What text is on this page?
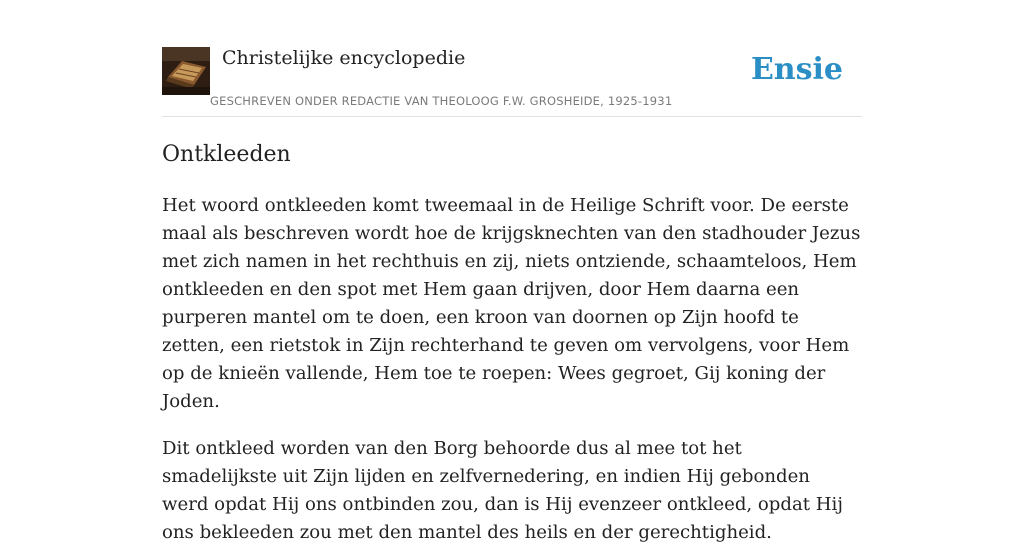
Christelijke encyclopedie
GESCHREVEN ONDER REDACTIE VAN THEOLOOG F.W. GROSHEIDE, 1925-1931
Ensie
Ontkleeden

Het woord ontkleeden komt tweemaal in de Heilige Schrift voor. De eerste maal als beschreven wordt hoe de krijgsknechten van den stadhouder Jezus met zich namen in het rechthuis en zij, niets ontziende, schaamteloos, Hem ontkleeden en den spot met Hem gaan drijven, door Hem daarna een purperen mantel om te doen, een kroon van doornen op Zijn hoofd te zetten, een rietstok in Zijn rechterhand te geven om vervolgens, voor Hem op de knieën vallende, Hem toe te roepen: Wees gegroet, Gij koning der Joden.

Dit ontkleed worden van den Borg behoorde dus al mee tot het smadelijkste uit Zijn lijden en zelfvernedering, en indien Hij gebonden werd opdat Hij ons ontbinden zou, dan is Hij evenzeer ontkleed, opdat Hij ons bekleeden zou met den mantel des heils en der gerechtigheid.
